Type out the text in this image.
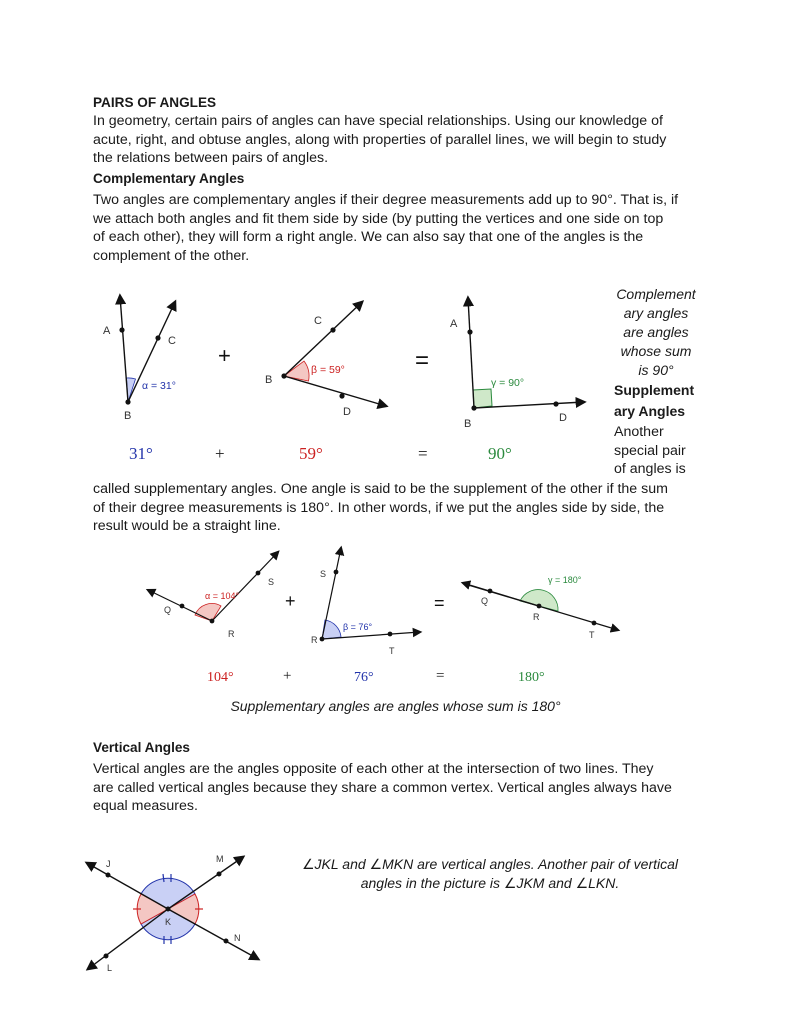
PAIRS OF ANGLES
In geometry, certain pairs of angles can have special relationships. Using our knowledge of
acute, right, and obtuse angles, along with properties of parallel lines, we will begin to study
the relations between pairs of angles.
Complementary Angles
Two angles are complementary angles if their degree measurements add up to 90°. That is, if
we attach both angles and fit them side by side (by putting the vertices and one side on top
of each other), they will form a right angle. We can also say that one of the angles is the
complement of the other.
A
C
B
α = 31°
+
C
B
D
β = 59°	=
A
B	D
γ = 90°
31°	+	59°	=	90°
Complement
ary angles
are angles
whose sum
is 90°
Supplement
ary Angles
Another
special pair
of angles is
called supplementary angles. One angle is said to be the supplement of the other if the sum
of their degree measurements is 180°. In other words, if we put the angles side by side, the
result would be a straight line.
Q
S
R
α = 104°	+
S
R
T
β = 76°
=	Q
R
T
γ = 180°
104°	+	76°	=	180°
Supplementary angles are angles whose sum is 180°
Vertical Angles
Vertical angles are the angles opposite of each other at the intersection of two lines. They
are called vertical angles because they share a common vertex. Vertical angles always have
equal measures.
J	M
K
N
L
∠JKL and ∠MKN are vertical angles. Another pair of vertical
angles in the picture is ∠JKM and ∠LKN.
